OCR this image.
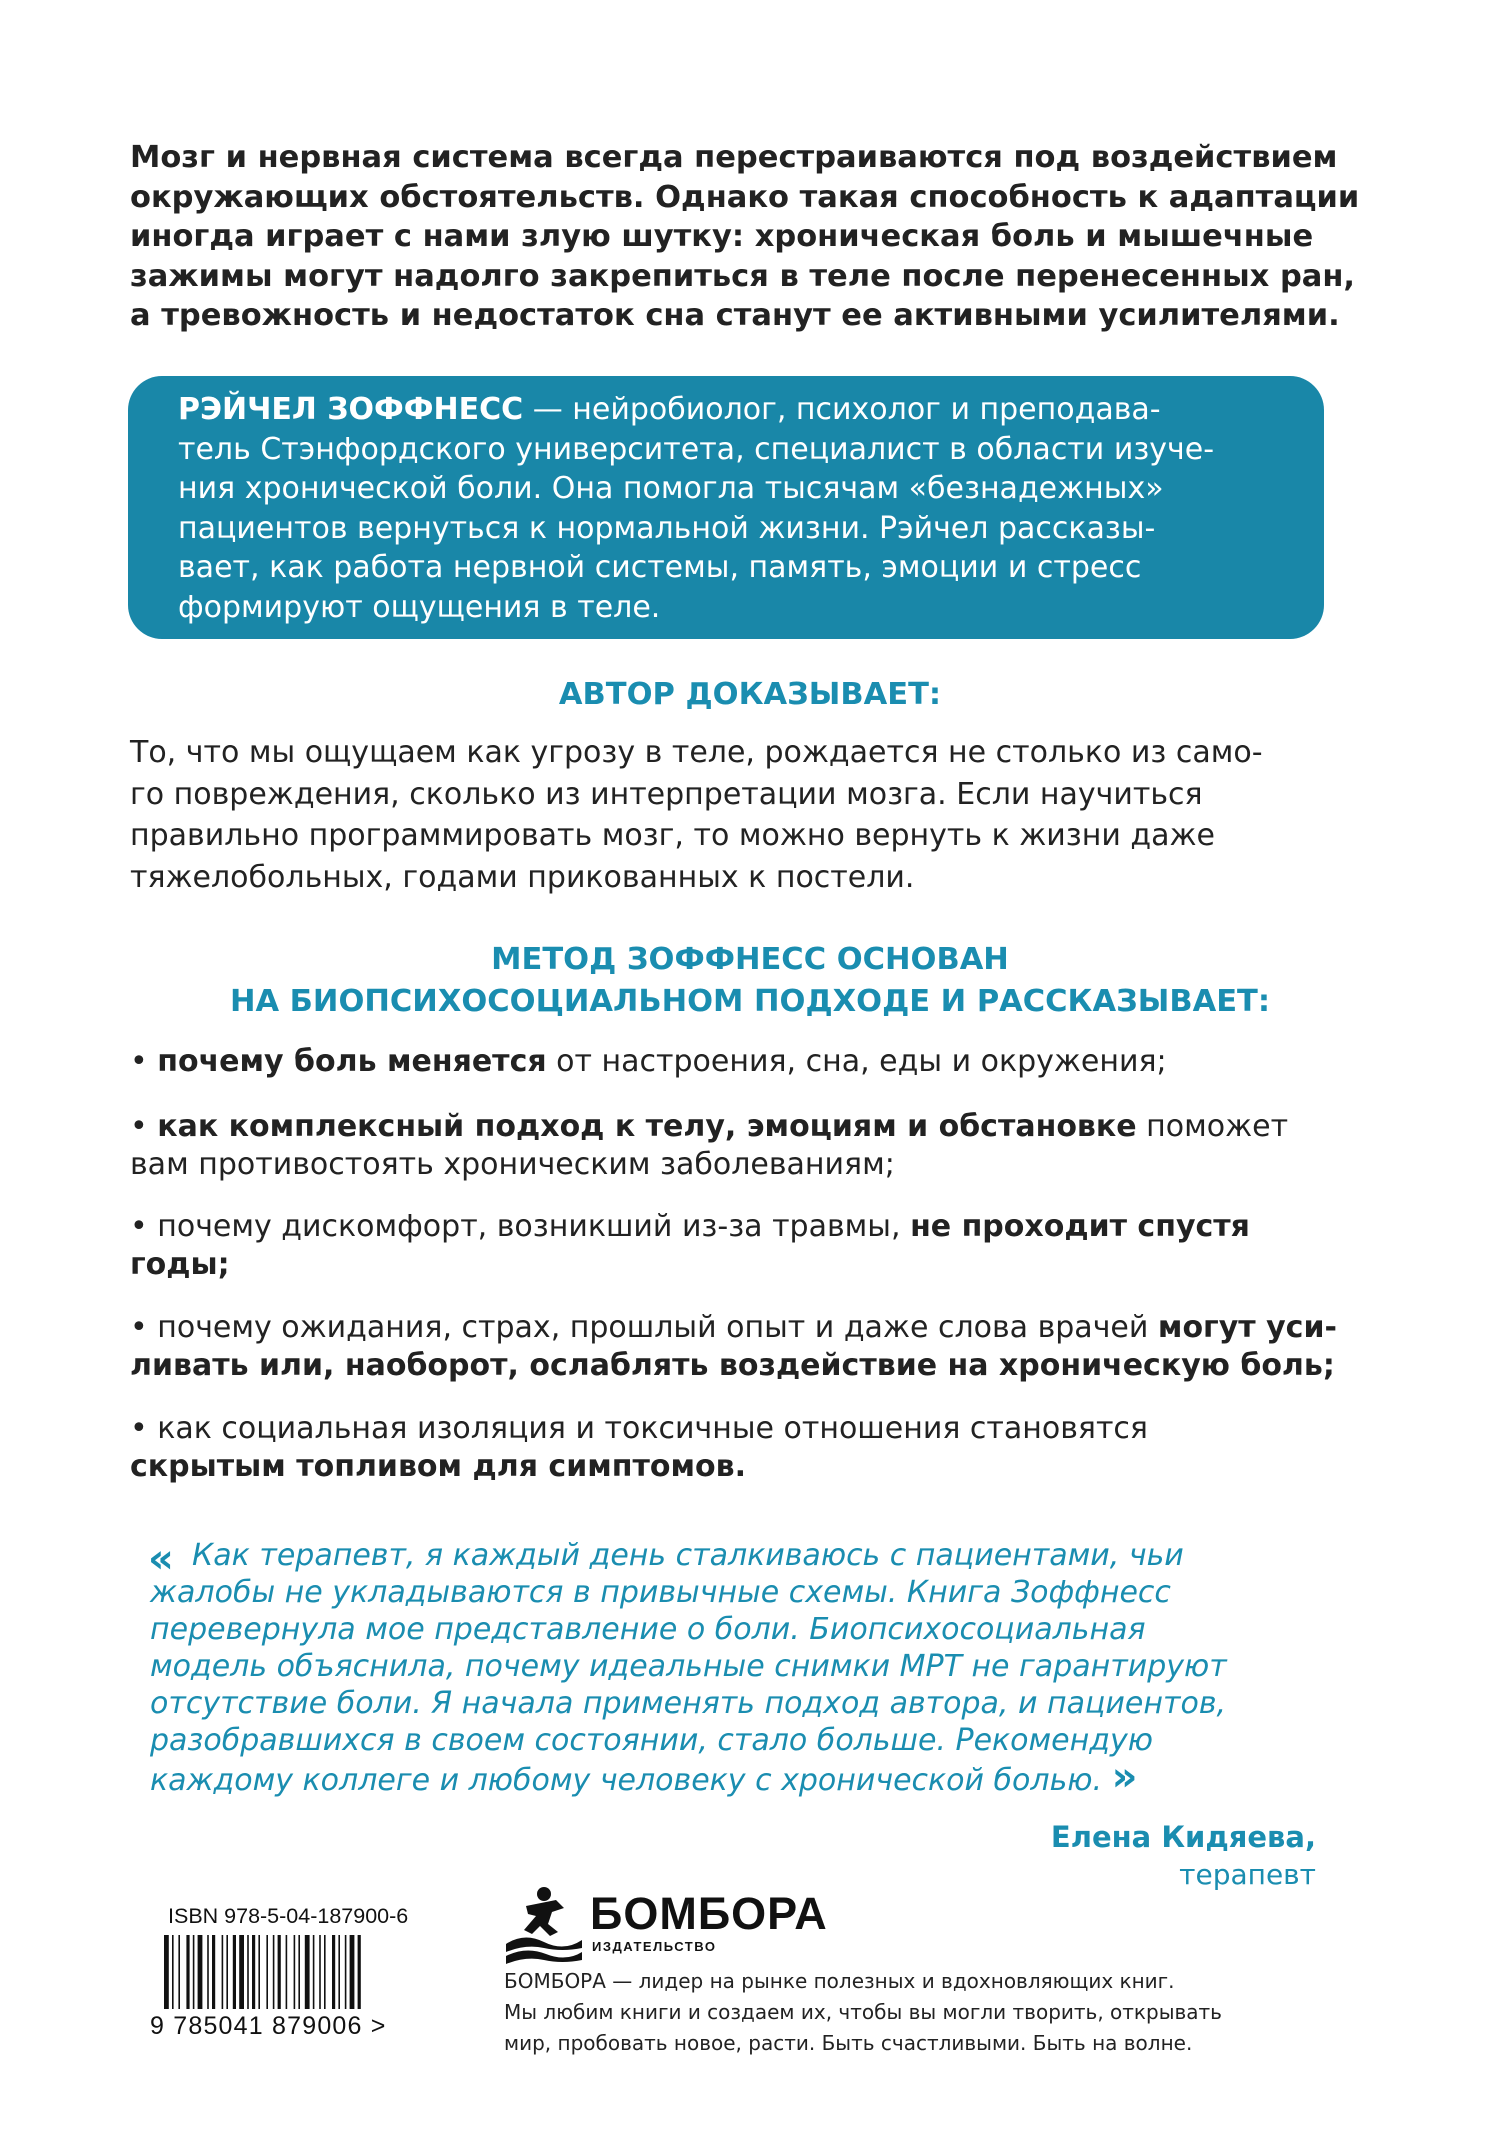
Мозг и нервная система всегда перестраиваются под воздействием
окружающих обстоятельств. Однако такая способность к адаптации
иногда играет с нами злую шутку: хроническая боль и мышечные
зажимы могут надолго закрепиться в теле после перенесенных ран,
а тревожность и недостаток сна станут ее активными усилителями.

РЭЙЧЕЛ ЗОФФНЕСС — нейробиолог, психолог и преподава-
тель Стэнфордского университета, специалист в области изуче-
ния хронической боли. Она помогла тысячам «безнадежных»
пациентов вернуться к нормальной жизни. Рэйчел рассказы-
вает, как работа нервной системы, память, эмоции и стресс
формируют ощущения в теле.

АВТОР ДОКАЗЫВАЕТ:

То, что мы ощущаем как угрозу в теле, рождается не столько из само-
го повреждения, сколько из интерпретации мозга. Если научиться
правильно программировать мозг, то можно вернуть к жизни даже
тяжелобольных, годами прикованных к постели.

МЕТОД ЗОФФНЕСС ОСНОВАН
НА БИОПСИХОСОЦИАЛЬНОМ ПОДХОДЕ И РАССКАЗЫВАЕТ:

• почему боль меняется от настроения, сна, еды и окружения;

• как комплексный подход к телу, эмоциям и обстановке поможет
вам противостоять хроническим заболеваниям;

• почему дискомфорт, возникший из-за травмы, не проходит спустя
годы;

• почему ожидания, страх, прошлый опыт и даже слова врачей могут уси-
ливать или, наоборот, ослаблять воздействие на хроническую боль;

• как социальная изоляция и токсичные отношения становятся
скрытым топливом для симптомов.

« Как терапевт, я каждый день сталкиваюсь с пациентами, чьи
жалобы не укладываются в привычные схемы. Книга Зоффнесс
перевернула мое представление о боли. Биопсихосоциальная
модель объяснила, почему идеальные снимки МРТ не гарантируют
отсутствие боли. Я начала применять подход автора, и пациентов,
разобравшихся в своем состоянии, стало больше. Рекомендую
каждому коллеге и любому человеку с хронической болью. »

Елена Кидяева,
терапевт
ISBN 978-5-04-187900-6
9 785041 879006 >
БОМБОРА
ИЗДАТЕЛЬСТВО
БОМБОРА — лидер на рынке полезных и вдохновляющих книг.
Мы любим книги и создаем их, чтобы вы могли творить, открывать
мир, пробовать новое, расти. Быть счастливыми. Быть на волне.
